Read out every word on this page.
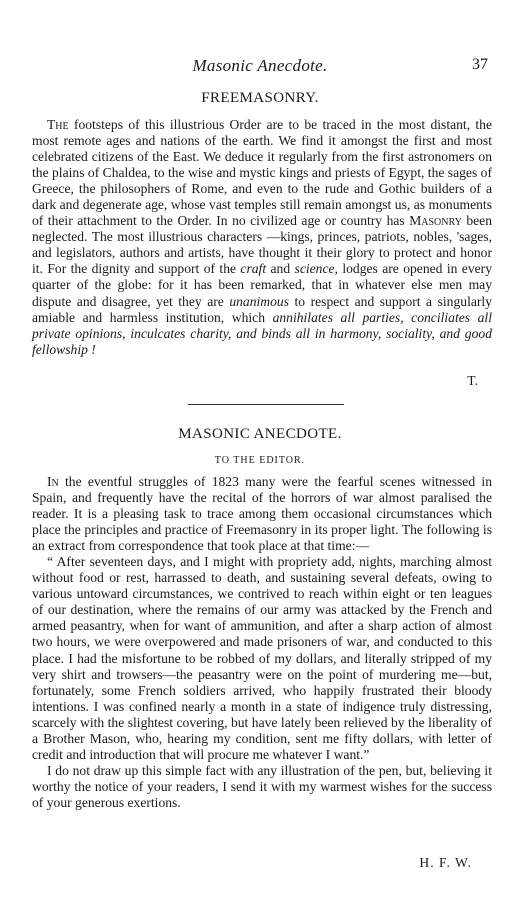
Masonic Anecdote.	37
FREEMASONRY.

The footsteps of this illustrious Order are to be traced in the most distant, the most remote ages and nations of the earth. We find it amongst the first and most celebrated citizens of the East. We deduce it regularly from the first astronomers on the plains of Chaldea, to the wise and mystic kings and priests of Egypt, the sages of Greece, the philosophers of Rome, and even to the rude and Gothic builders of a dark and degenerate age, whose vast temples still remain amongst us, as monuments of their attachment to the Order. In no civilized age or country has Masonry been neglected. The most illustrious characters —kings, princes, patriots, nobles, 'sages, and legislators, authors and artists, have thought it their glory to protect and honor it. For the dignity and support of the craft and science, lodges are opened in every quarter of the globe: for it has been remarked, that in whatever else men may dispute and disagree, yet they are unanimous to respect and support a singularly amiable and harmless institution, which annihilates all parties, conciliates all private opinions, inculcates charity, and binds all in harmony, sociality, and good fellowship !

T.
MASONIC ANECDOTE.
TO THE EDITOR.

In the eventful struggles of 1823 many were the fearful scenes witnessed in Spain, and frequently have the recital of the horrors of war almost paralised the reader. It is a pleasing task to trace among them occasional circumstances which place the principles and practice of Freemasonry in its proper light. The following is an extract from correspondence that took place at that time:—

“ After seventeen days, and I might with propriety add, nights, marching almost without food or rest, harrassed to death, and sustaining several defeats, owing to various untoward circumstances, we contrived to reach within eight or ten leagues of our destination, where the remains of our army was attacked by the French and armed peasantry, when for want of ammunition, and after a sharp action of almost two hours, we were overpowered and made prisoners of war, and conducted to this place. I had the misfortune to be robbed of my dollars, and literally stripped of my very shirt and trowsers—the peasantry were on the point of murdering me—but, fortunately, some French soldiers arrived, who happily frustrated their bloody intentions. I was confined nearly a month in a state of indigence truly distressing, scarcely with the slightest covering, but have lately been relieved by the liberality of a Brother Mason, who, hearing my condition, sent me fifty dollars, with letter of credit and introduction that will procure me whatever I want.”

I do not draw up this simple fact with any illustration of the pen, but, believing it worthy the notice of your readers, I send it with my warmest wishes for the success of your generous exertions.

H. F. W.
